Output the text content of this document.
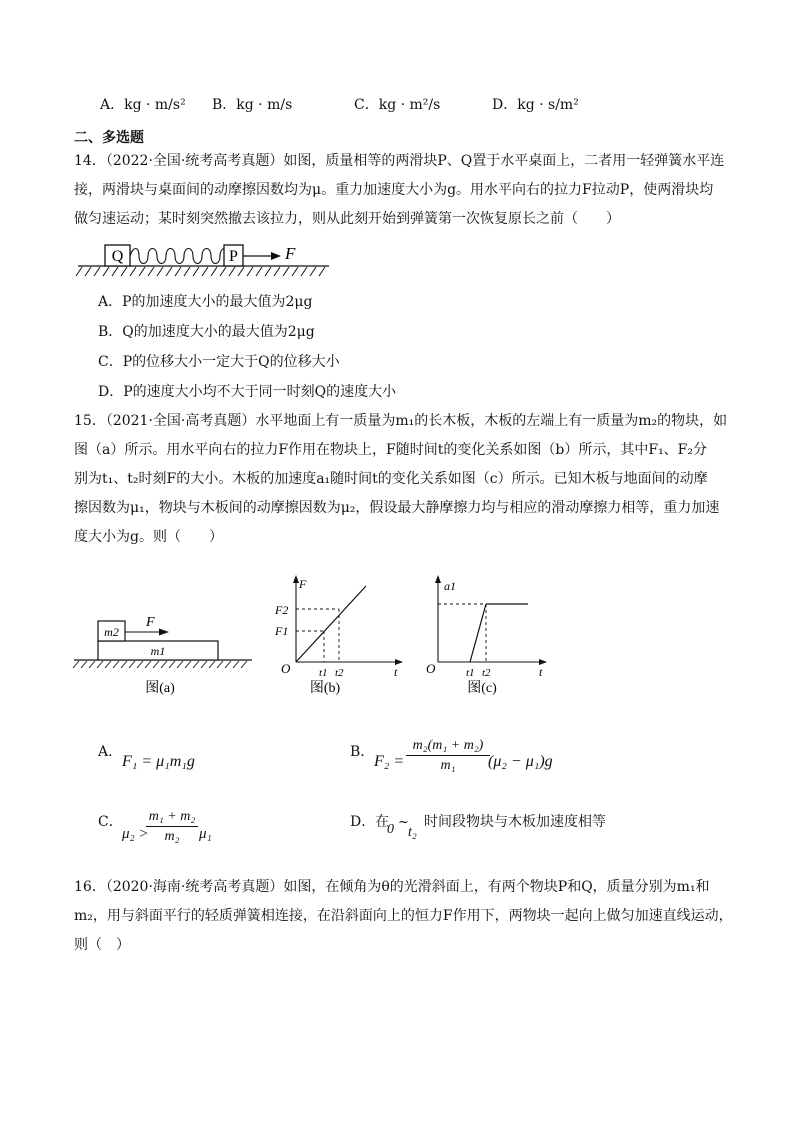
A．kg · m/s² B．kg · m/s	C．kg · m²/s	D．kg · s/m²
二、多选题
14．（2022·全国·统考高考真题）如图，质量相等的两滑块P、Q置于水平桌面上，二者用一轻弹簧水平连
接，两滑块与桌面间的动摩擦因数均为μ。重力加速度大小为g。用水平向右的拉力F拉动P，使两滑块均
做匀速运动；某时刻突然撤去该拉力，则从此刻开始到弹簧第一次恢复原长之前（　　）
Q	P	F
A．P的加速度大小的最大值为2μg
B．Q的加速度大小的最大值为2μg
C．P的位移大小一定大于Q的位移大小
D．P的速度大小均不大于同一时刻Q的速度大小
15．（2021·全国·高考真题）水平地面上有一质量为m₁的长木板，木板的左端上有一质量为m₂的物块，如
图（a）所示。用水平向右的拉力F作用在物块上，F随时间t的变化关系如图（b）所示，其中F₁、F₂分
别为t₁、t₂时刻F的大小。木板的加速度a₁随时间t的变化关系如图（c）所示。已知木板与地面间的动摩
擦因数为μ₁，物块与木板间的动摩擦因数为μ₂，假设最大静摩擦力均与相应的滑动摩擦力相等，重力加速
度大小为g。则（　　）
m1
m2
F
图(a)
F
F2
F1
O	t1 t2	t
图(b)
a1
O	t1 t2	t
图(c)
A．
F₁ = μ₁m₁g
B．
F₂ =
m₂(m₁ + m₂)
m₁	(μ₂ − μ₁)g
C．
μ₂ >
m₁ + m₂
m₂	μ₁
D．在
0 ~
t₂
时间段物块与木板加速度相等
16．（2020·海南·统考高考真题）如图，在倾角为θ的光滑斜面上，有两个物块P和Q，质量分别为m₁和
m₂，用与斜面平行的轻质弹簧相连接，在沿斜面向上的恒力F作用下，两物块一起向上做匀加速直线运动，
则（　）
